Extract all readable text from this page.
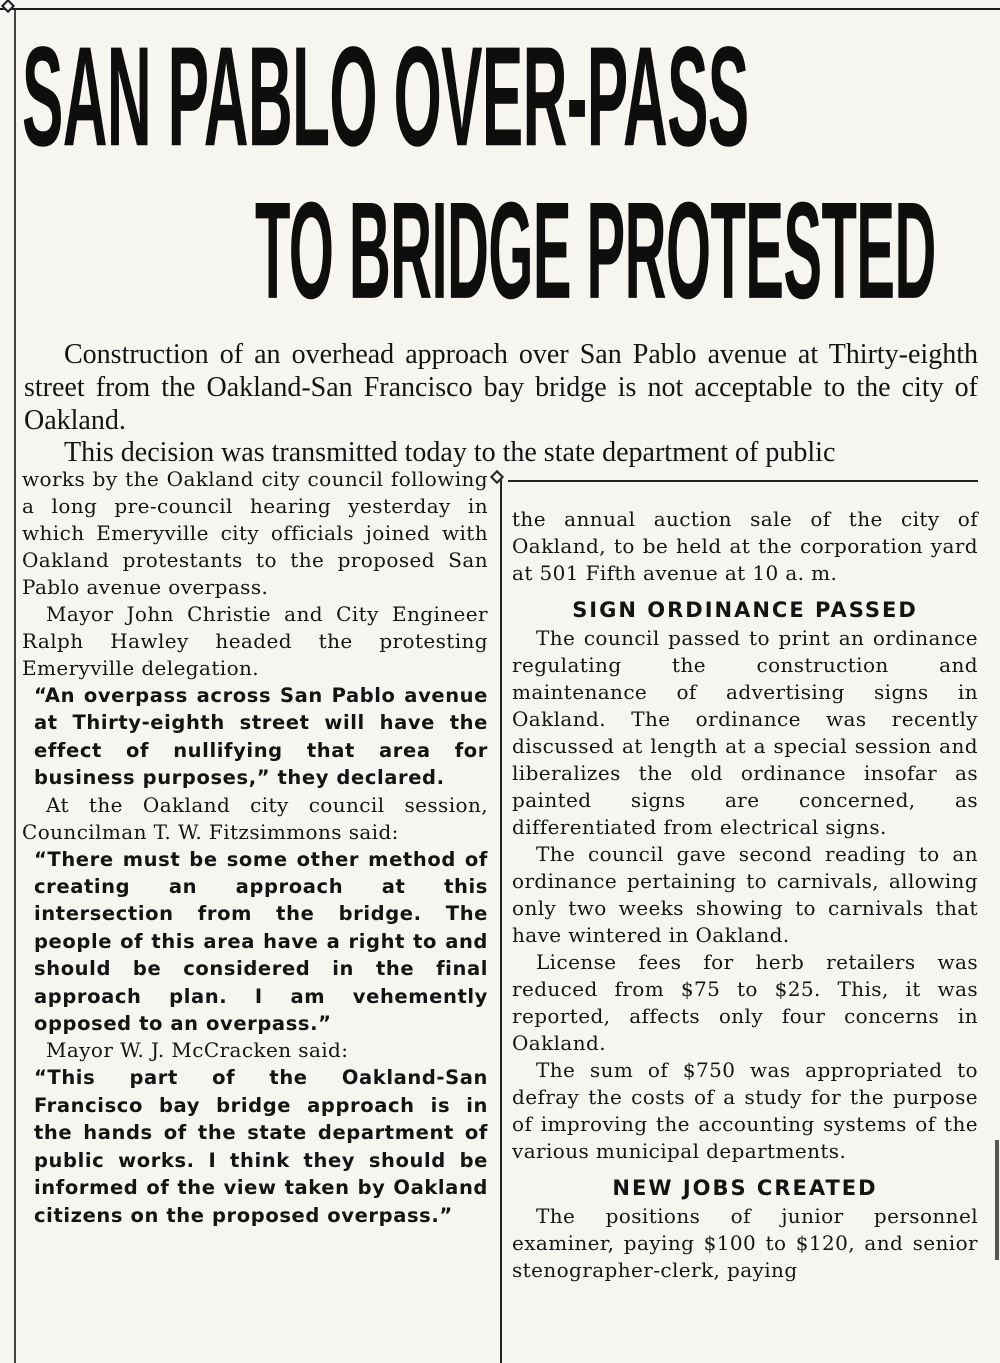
SAN PABLO OVER-PASS
TO BRIDGE PROTESTED

Construction of an overhead approach over San Pablo avenue at Thirty-eighth street from the Oakland-San Francisco bay bridge is not acceptable to the city of Oakland.

This decision was transmitted today to the state department of public

works by the Oakland city council following a long pre-council hearing yesterday in which Emeryville city officials joined with Oakland protestants to the proposed San Pablo avenue overpass.

Mayor John Christie and City Engineer Ralph Hawley headed the protesting Emeryville delegation.

“An overpass across San Pablo avenue at Thirty-eighth street will have the effect of nullifying that area for business purposes,” they declared.

At the Oakland city council session, Councilman T. W. Fitzsimmons said:

“There must be some other method of creating an approach at this intersection from the bridge. The people of this area have a right to and should be considered in the final approach plan. I am vehemently opposed to an overpass.”

Mayor W. J. McCracken said:

“This part of the Oakland-San Francisco bay bridge approach is in the hands of the state department of public works. I think they should be informed of the view taken by Oakland citizens on the proposed overpass.”

the annual auction sale of the city of Oakland, to be held at the corporation yard at 501 Fifth avenue at 10 a. m.

SIGN ORDINANCE PASSED

The council passed to print an ordinance regulating the construction and maintenance of advertising signs in Oakland. The ordinance was recently discussed at length at a special session and liberalizes the old ordinance insofar as painted signs are concerned, as differentiated from electrical signs.

The council gave second reading to an ordinance pertaining to carnivals, allowing only two weeks showing to carnivals that have wintered in Oakland.

License fees for herb retailers was reduced from $75 to $25. This, it was reported, affects only four concerns in Oakland.

The sum of $750 was appropriated to defray the costs of a study for the purpose of improving the accounting systems of the various municipal departments.

NEW JOBS CREATED

The positions of junior personnel examiner, paying $100 to $120, and senior stenographer-clerk, paying
